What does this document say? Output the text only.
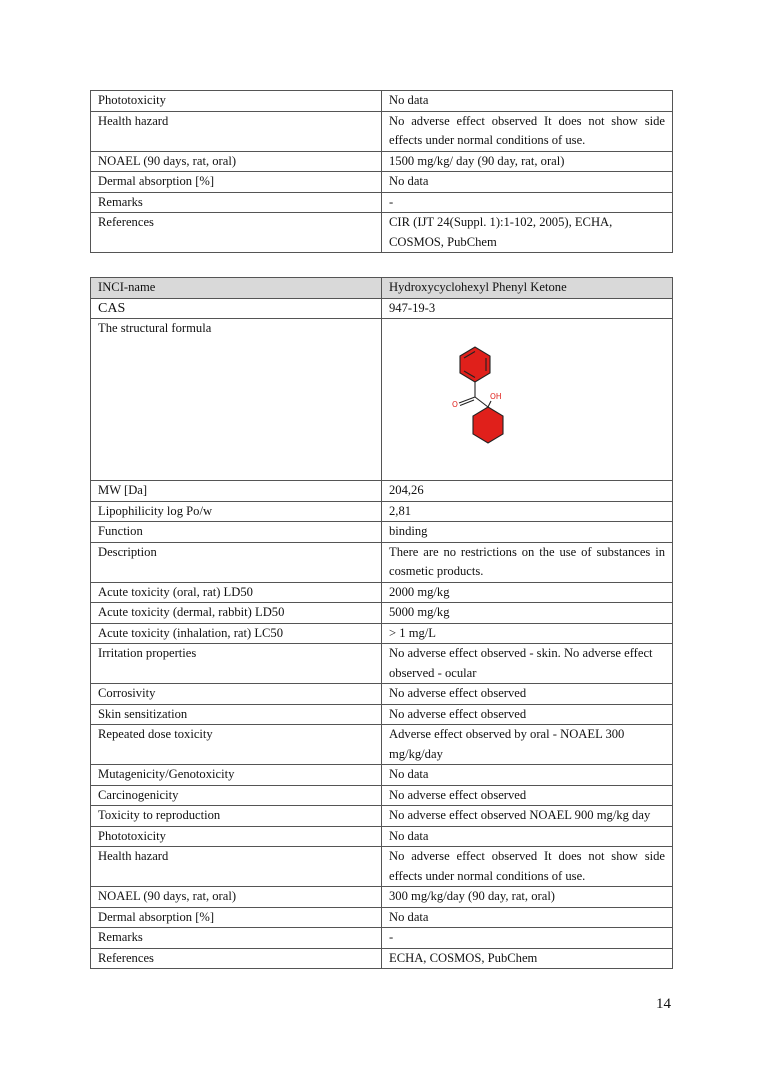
Phototoxicity	No data
Health hazard	No adverse effect observed It does not show side effects under normal conditions of use.
NOAEL (90 days, rat, oral)	1500 mg/kg/ day (90 day, rat, oral)
Dermal absorption [%]	No data
Remarks	-
References	CIR (IJT 24(Suppl. 1):1-102, 2005), ECHA, COSMOS, PubChem
INCI-name	Hydroxycyclohexyl Phenyl Ketone
CAS	947-19-3
The structural formula	O
OH

MW [Da]	204,26
Lipophilicity log Po/w	2,81
Function	binding
Description	There are no restrictions on the use of substances in cosmetic products.
Acute toxicity (oral, rat) LD50	2000 mg/kg
Acute toxicity (dermal, rabbit) LD50	5000 mg/kg
Acute toxicity (inhalation, rat) LC50	> 1 mg/L
Irritation properties	No adverse effect observed - skin. No adverse effect observed - ocular
Corrosivity	No adverse effect observed
Skin sensitization	No adverse effect observed
Repeated dose toxicity	Adverse effect observed by oral - NOAEL 300 mg/kg/day
Mutagenicity/Genotoxicity	No data
Carcinogenicity	No adverse effect observed
Toxicity to reproduction	No adverse effect observed NOAEL 900 mg/kg day
Phototoxicity	No data
Health hazard	No adverse effect observed It does not show side effects under normal conditions of use.
NOAEL (90 days, rat, oral)	300 mg/kg/day (90 day, rat, oral)
Dermal absorption [%]	No data
Remarks	-
References	ECHA, COSMOS, PubChem
14
